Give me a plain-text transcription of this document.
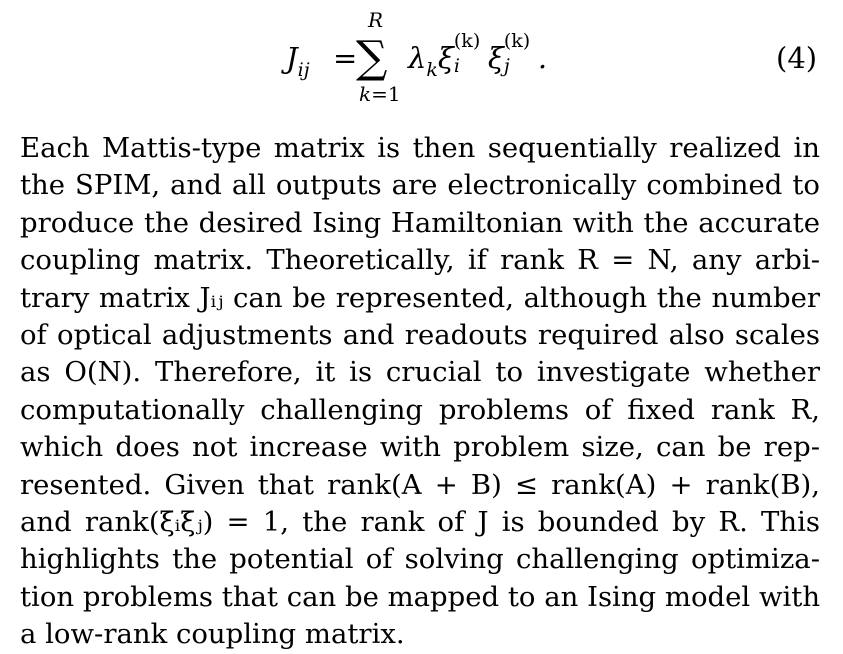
$J_{ij}$ =
R
∑
k=1
$\lambda_k\xi$ (k)
i ξ (k)
j .	(4)

Each Mattis-type matrix is then sequentially realized in
the SPIM, and all outputs are electronically combined to
produce the desired Ising Hamiltonian with the accurate
coupling matrix. Theoretically, if rank R = N, any arbi-
trary matrix Jᵢⱼ can be represented, although the number
of optical adjustments and readouts required also scales
as O(N). Therefore, it is crucial to investigate whether
computationally challenging problems of fixed rank R,
which does not increase with problem size, can be rep-
resented. Given that rank(A + B) ≤ rank(A) + rank(B),
and rank(ξᵢξⱼ) = 1, the rank of J is bounded by R. This
highlights the potential of solving challenging optimiza-
tion problems that can be mapped to an Ising model with
a low-rank coupling matrix.
